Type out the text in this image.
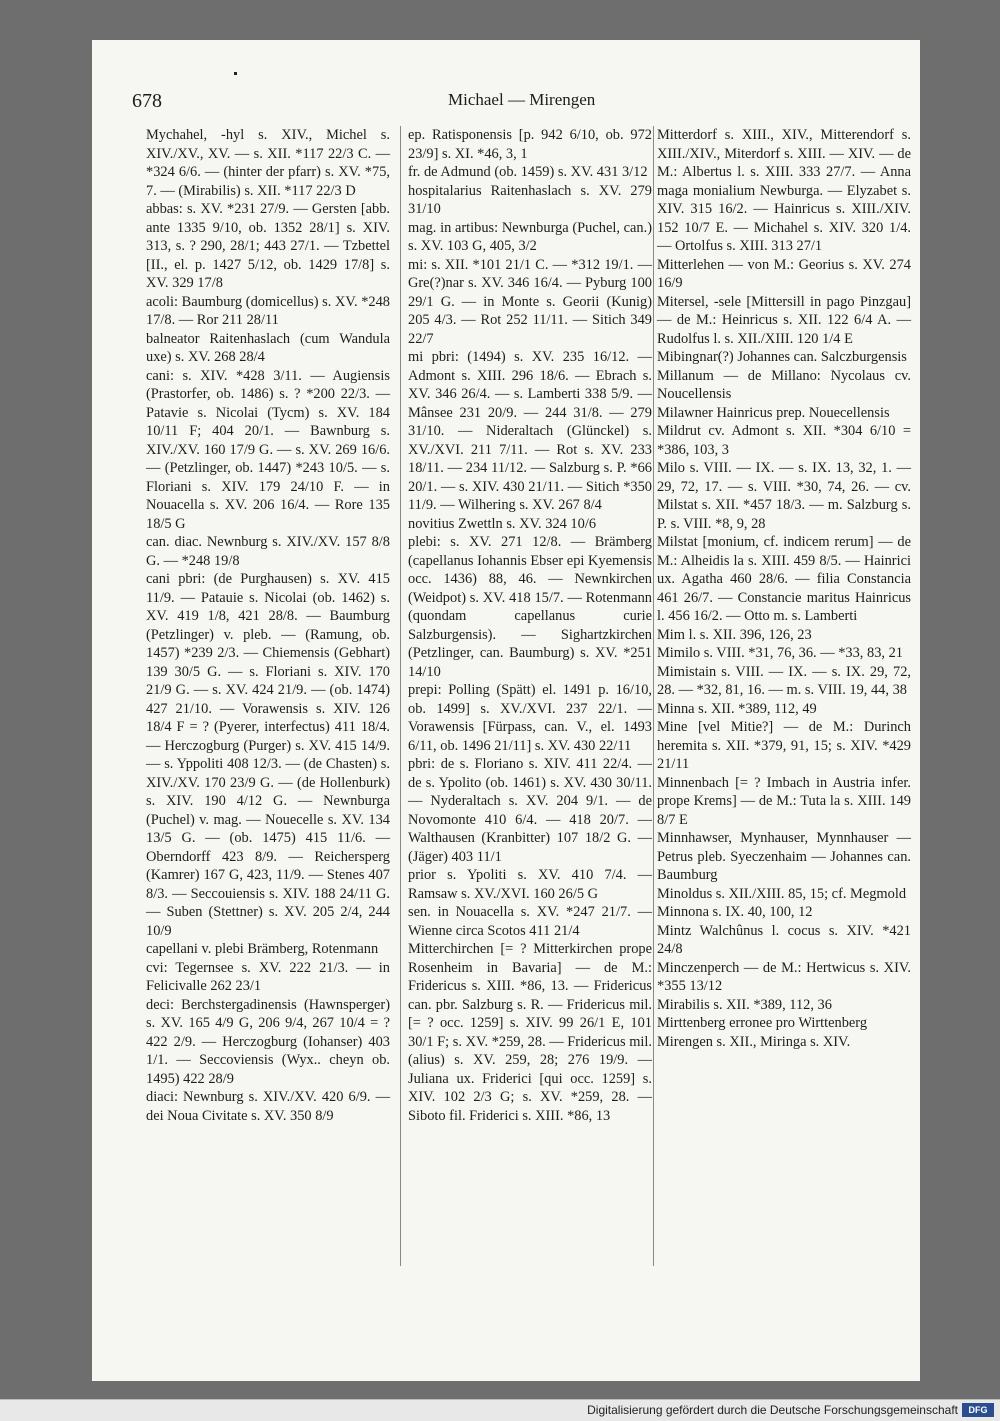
678	Michael — Mirengen

Mychahel, -hyl s. XIV., Michel s. XIV./XV., XV. — s. XII. *117 22/3 C. — *324 6/6. — (hinter der pfarr) s. XV. *75, 7. — (Mirabilis) s. XII. *117 22/3 D

abbas: s. XV. *231 27/9. — Gersten [abb. ante 1335 9/10, ob. 1352 28/1] s. XIV. 313, s. ? 290, 28/1; 443 27/1. — Tzbettel [II., el. p. 1427 5/12, ob. 1429 17/8] s. XV. 329 17/8

acoli: Baumburg (domicellus) s. XV. *248 17/8. — Ror 211 28/11

balneator Raitenhaslach (cum Wandula uxe) s. XV. 268 28/4

cani: s. XIV. *428 3/11. — Augiensis (Prastorfer, ob. 1486) s. ? *200 22/3. — Patavie s. Nicolai (Tycm) s. XV. 184 10/11 F; 404 20/1. — Bawnburg s. XIV./XV. 160 17/9 G. — s. XV. 269 16/6. — (Petzlinger, ob. 1447) *243 10/5. — s. Floriani s. XIV. 179 24/10 F. — in Nouacella s. XV. 206 16/4. — Rore 135 18/5 G

can. diac. Newnburg s. XIV./XV. 157 8/8 G. — *248 19/8

cani pbri: (de Purghausen) s. XV. 415 11/9. — Patauie s. Nicolai (ob. 1462) s. XV. 419 1/8, 421 28/8. — Baumburg (Petzlinger) v. pleb. — (Ramung, ob. 1457) *239 2/3. — Chiemensis (Gebhart) 139 30/5 G. — s. Floriani s. XIV. 170 21/9 G. — s. XV. 424 21/9. — (ob. 1474) 427 21/10. — Vorawensis s. XIV. 126 18/4 F = ? (Pyerer, interfectus) 411 18/4. — Herczogburg (Purger) s. XV. 415 14/9. — s. Yppoliti 408 12/3. — (de Chasten) s. XIV./XV. 170 23/9 G. — (de Hollenburk) s. XIV. 190 4/12 G. — Newnburga (Puchel) v. mag. — Nouecelle s. XV. 134 13/5 G. — (ob. 1475) 415 11/6. — Oberndorff 423 8/9. — Reichersperg (Kamrer) 167 G, 423, 11/9. — Stenes 407 8/3. — Seccouiensis s. XIV. 188 24/11 G. — Suben (Stettner) s. XV. 205 2/4, 244 10/9

capellani v. plebi Brämberg, Rotenmann

cvi: Tegernsee s. XV. 222 21/3. — in Felicivalle 262 23/1

deci: Berchstergadinensis (Hawnsperger) s. XV. 165 4/9 G, 206 9/4, 267 10/4 = ? 422 2/9. — Herczogburg (Iohanser) 403 1/1. — Seccoviensis (Wyx.. cheyn ob. 1495) 422 28/9

diaci: Newnburg s. XIV./XV. 420 6/9. — dei Noua Civitate s. XV. 350 8/9

ep. Ratisponensis [p. 942 6/10, ob. 972 23/9] s. XI. *46, 3, 1

fr. de Admund (ob. 1459) s. XV. 431 3/12

hospitalarius Raitenhaslach s. XV. 279 31/10

mag. in artibus: Newnburga (Puchel, can.) s. XV. 103 G, 405, 3/2

mi: s. XII. *101 21/1 C. — *312 19/1. — Gre(?)nar s. XV. 346 16/4. — Pyburg 100 29/1 G. — in Monte s. Georii (Kunig) 205 4/3. — Rot 252 11/11. — Sitich 349 22/7

mi pbri: (1494) s. XV. 235 16/12. — Admont s. XIII. 296 18/6. — Ebrach s. XV. 346 26/4. — s. Lamberti 338 5/9. — Mânsee 231 20/9. — 244 31/8. — 279 31/10. — Nideraltach (Glünckel) s. XV./XVI. 211 7/11. — Rot s. XV. 233 18/11. — 234 11/12. — Salzburg s. P. *66 20/1. — s. XIV. 430 21/11. — Sitich *350 11/9. — Wilhering s. XV. 267 8/4

novitius Zwettln s. XV. 324 10/6

plebi: s. XV. 271 12/8. — Brämberg (capellanus Iohannis Ebser epi Kyemensis occ. 1436) 88, 46. — Newnkirchen (Weidpot) s. XV. 418 15/7. — Rotenmann (quondam capellanus curie Salzburgensis). — Sighartzkirchen (Petzlinger, can. Baumburg) s. XV. *251 14/10

prepi: Polling (Spätt) el. 1491 p. 16/10, ob. 1499] s. XV./XVI. 237 22/1. — Vorawensis [Fürpass, can. V., el. 1493 6/11, ob. 1496 21/11] s. XV. 430 22/11

pbri: de s. Floriano s. XIV. 411 22/4. — de s. Ypolito (ob. 1461) s. XV. 430 30/11. — Nyderaltach s. XV. 204 9/1. — de Novomonte 410 6/4. — 418 20/7. — Walthausen (Kranbitter) 107 18/2 G. — (Jäger) 403 11/1

prior s. Ypoliti s. XV. 410 7/4. — Ramsaw s. XV./XVI. 160 26/5 G

sen. in Nouacella s. XV. *247 21/7. — Wienne circa Scotos 411 21/4

Mitterchirchen [= ? Mitterkirchen prope Rosenheim in Bavaria] — de M.: Fridericus s. XIII. *86, 13. — Fridericus can. pbr. Salzburg s. R. — Fridericus mil. [= ? occ. 1259] s. XIV. 99 26/1 E, 101 30/1 F; s. XV. *259, 28. — Fridericus mil. (alius) s. XV. 259, 28; 276 19/9. — Juliana ux. Friderici [qui occ. 1259] s. XIV. 102 2/3 G; s. XV. *259, 28. — Siboto fil. Friderici s. XIII. *86, 13

Mitterdorf s. XIII., XIV., Mitterendorf s. XIII./XIV., Miterdorf s. XIII. — XIV. — de M.: Albertus l. s. XIII. 333 27/7. — Anna maga monialium Newburga. — Elyzabet s. XIV. 315 16/2. — Hainricus s. XIII./XIV. 152 10/7 E. — Michahel s. XIV. 320 1/4. — Ortolfus s. XIII. 313 27/1

Mitterlehen — von M.: Georius s. XV. 274 16/9

Mitersel, -sele [Mittersill in pago Pinzgau] — de M.: Heinricus s. XII. 122 6/4 A. — Rudolfus l. s. XII./XIII. 120 1/4 E

Mibingnar(?) Johannes can. Salczburgensis

Millanum — de Millano: Nycolaus cv. Noucellensis

Milawner Hainricus prep. Nouecellensis

Mildrut cv. Admont s. XII. *304 6/10 = *386, 103, 3

Milo s. VIII. — IX. — s. IX. 13, 32, 1. — 29, 72, 17. — s. VIII. *30, 74, 26. — cv. Milstat s. XII. *457 18/3. — m. Salzburg s. P. s. VIII. *8, 9, 28

Milstat [monium, cf. indicem rerum] — de M.: Alheidis la s. XIII. 459 8/5. — Hainrici ux. Agatha 460 28/6. — filia Constancia 461 26/7. — Constancie maritus Hainricus l. 456 16/2. — Otto m. s. Lamberti

Mim l. s. XII. 396, 126, 23

Mimilo s. VIII. *31, 76, 36. — *33, 83, 21

Mimistain s. VIII. — IX. — s. IX. 29, 72, 28. — *32, 81, 16. — m. s. VIII. 19, 44, 38

Minna s. XII. *389, 112, 49

Mine [vel Mitie?] — de M.: Durinch heremita s. XII. *379, 91, 15; s. XIV. *429 21/11

Minnenbach [= ? Imbach in Austria infer. prope Krems] — de M.: Tuta la s. XIII. 149 8/7 E

Minnhawser, Mynhauser, Mynnhauser — Petrus pleb. Syeczenhaim — Johannes can. Baumburg

Minoldus s. XII./XIII. 85, 15; cf. Megmold

Minnona s. IX. 40, 100, 12

Mintz Walchûnus l. cocus s. XIV. *421 24/8

Minczenperch — de M.: Hertwicus s. XIV. *355 13/12

Mirabilis s. XII. *389, 112, 36

Mirttenberg erronee pro Wirttenberg

Mirengen s. XII., Miringa s. XIV.

Digitalisierung gefördert durch die Deutsche Forschungsgemeinschaft	DFG
